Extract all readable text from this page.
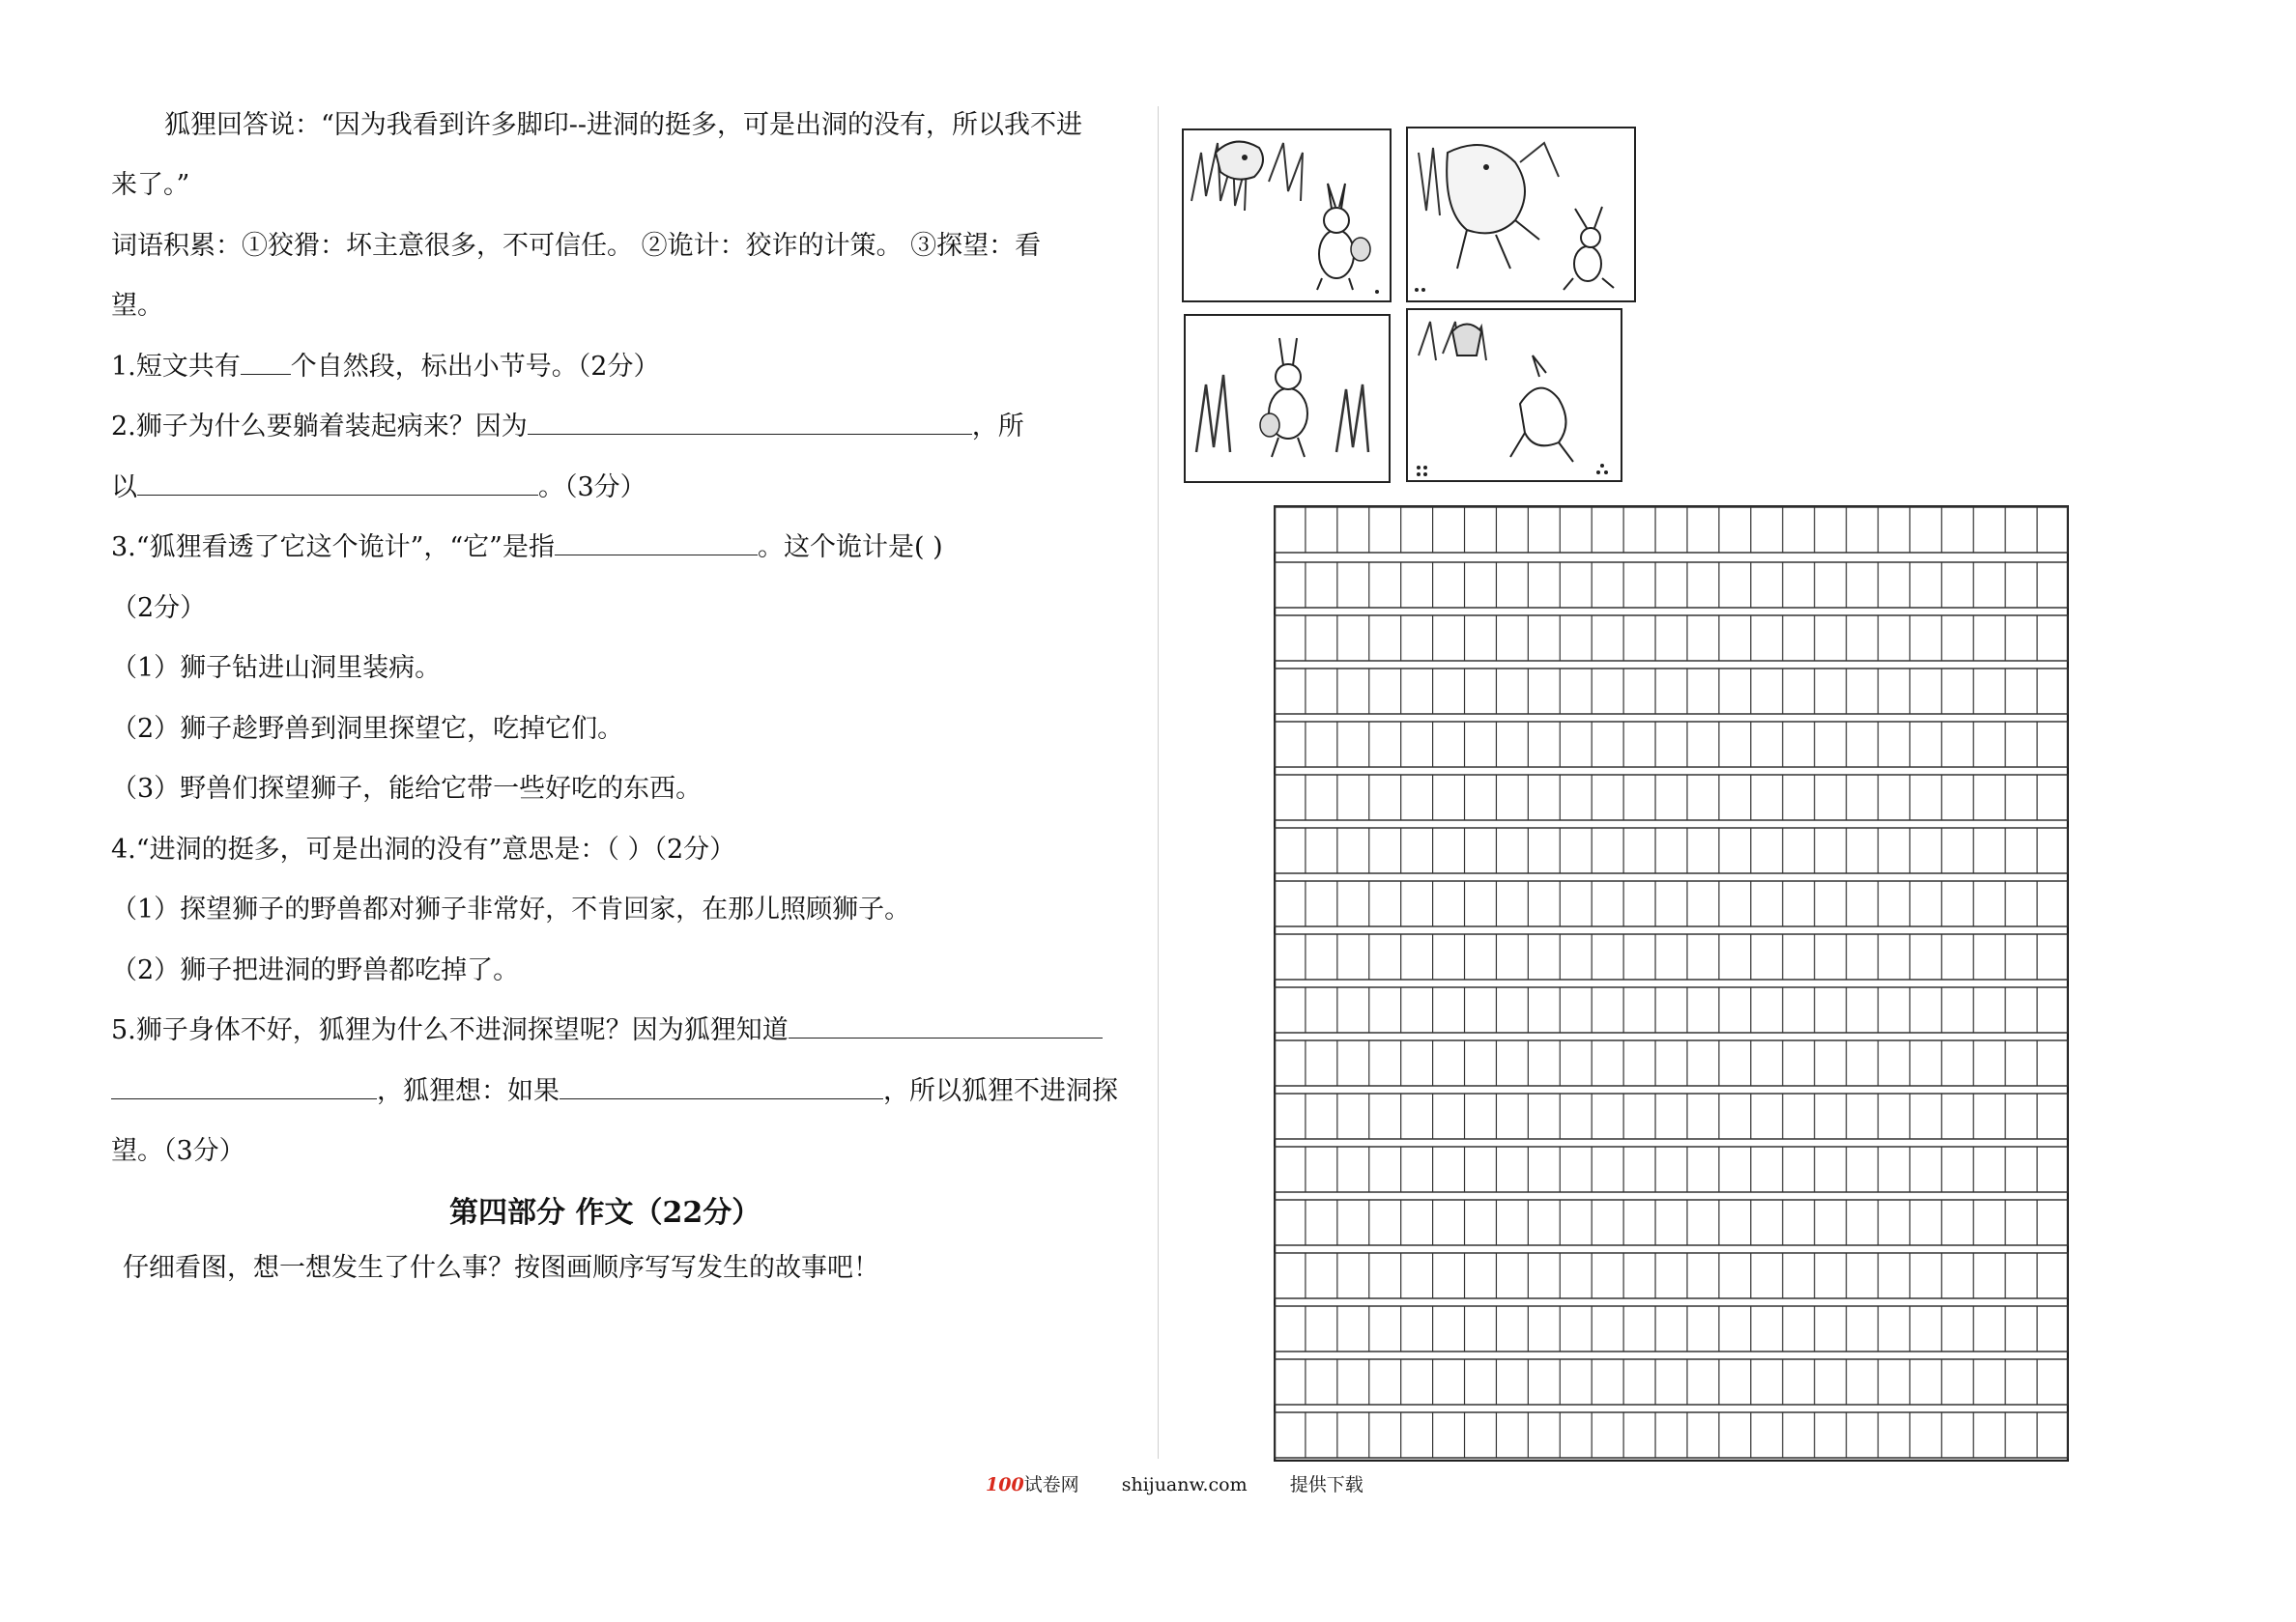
狐狸回答说：“因为我看到许多脚印--进洞的挺多，可是出洞的没有，所以我不进
来了。”
词语积累：①狡猾：坏主意很多，不可信任。 ②诡计：狡诈的计策。 ③探望：看
望。
1.短文共有 个自然段，标出小节号。（2分）
2.狮子为什么要躺着装起病来？因为	，所
以	。（3分）
3.“狐狸看透了它这个诡计”，“它”是指	。这个诡计是( )
（2分）
（1）狮子钻进山洞里装病。
（2）狮子趁野兽到洞里探望它，吃掉它们。
（3）野兽们探望狮子，能给它带一些好吃的东西。
4.“进洞的挺多，可是出洞的没有”意思是：（ ）（2分）
（1）探望狮子的野兽都对狮子非常好，不肯回家，在那儿照顾狮子。
（2）狮子把进洞的野兽都吃掉了。
5.狮子身体不好，狐狸为什么不进洞探望呢？因为狐狸知道
，狐狸想：如果	，所以狐狸不进洞探
望。（3分）
第四部分 作文（22分）
仔细看图，想一想发生了什么事？按图画顺序写写发生的故事吧！
100试卷网 shijuanw.com 提供下载
